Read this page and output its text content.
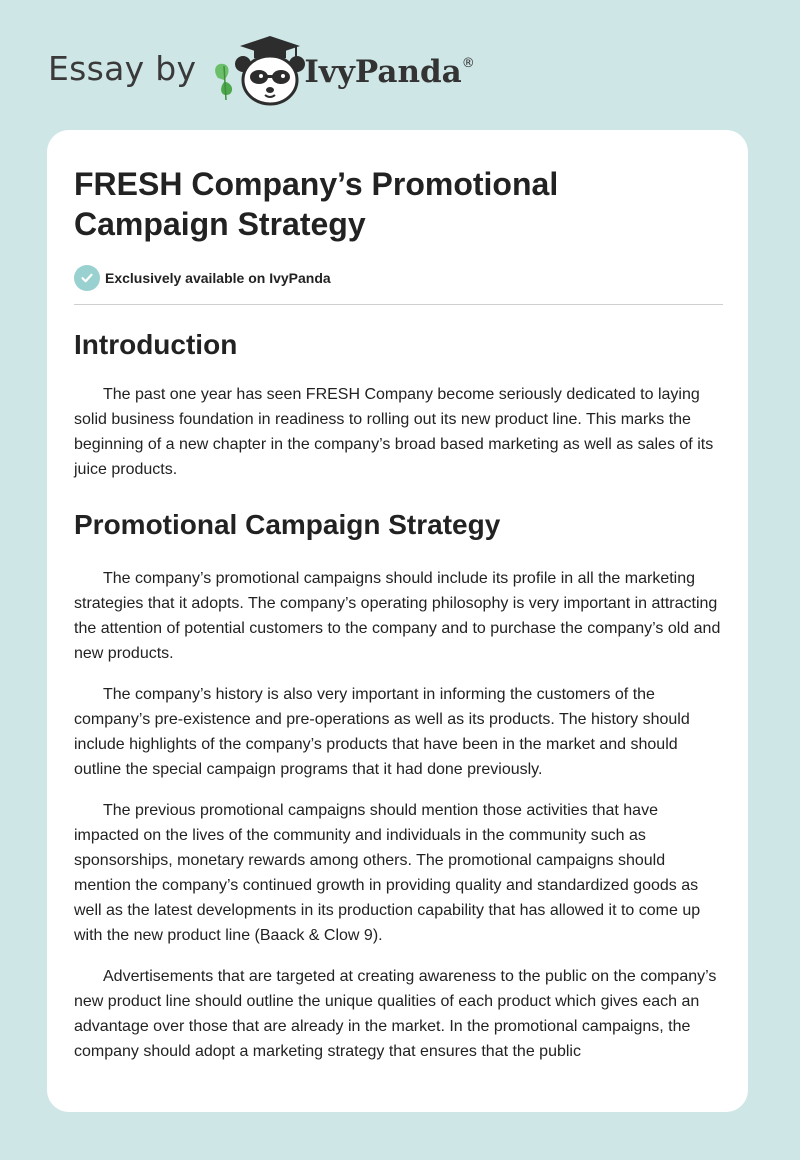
Essay by	IvyPanda®
FRESH Company’s Promotional Campaign Strategy
Exclusively available on IvyPanda
Introduction

The past one year has seen FRESH Company become seriously dedicated to laying solid business foundation in readiness to rolling out its new product line. This marks the beginning of a new chapter in the company’s broad based marketing as well as sales of its juice products.

Promotional Campaign Strategy

The company’s promotional campaigns should include its profile in all the marketing strategies that it adopts. The company’s operating philosophy is very important in attracting the attention of potential customers to the company and to purchase the company’s old and new products.

The company’s history is also very important in informing the customers of the company’s pre-existence and pre-operations as well as its products. The history should include highlights of the company’s products that have been in the market and should outline the special campaign programs that it had done previously.

The previous promotional campaigns should mention those activities that have impacted on the lives of the community and individuals in the community such as sponsorships, monetary rewards among others. The promotional campaigns should mention the company’s continued growth in providing quality and standardized goods as well as the latest developments in its production capability that has allowed it to come up with the new product line (Baack & Clow 9).

Advertisements that are targeted at creating awareness to the public on the company’s new product line should outline the unique qualities of each product which gives each an advantage over those that are already in the market. In the promotional campaigns, the company should adopt a marketing strategy that ensures that the public
